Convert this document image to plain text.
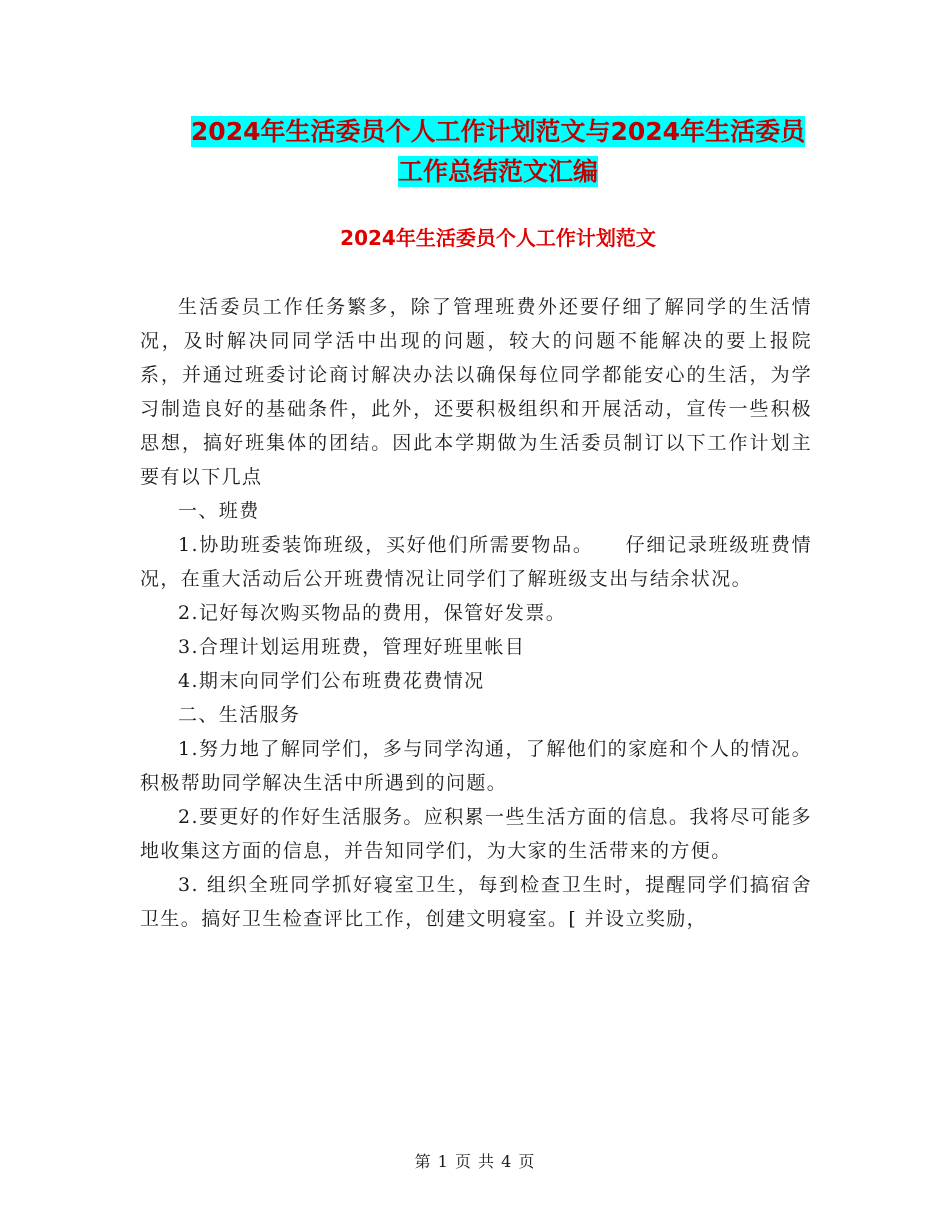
2024年生活委员个人工作计划范文与2024年生活委员
工作总结范文汇编
2024年生活委员个人工作计划范文

生活委员工作任务繁多，除了管理班费外还要仔细了解同学的生活情况，及时解决同同学活中出现的问题，较大的问题不能解决的要上报院系，并通过班委讨论商讨解决办法以确保每位同学都能安心的生活，为学习制造良好的基础条件，此外，还要积极组织和开展活动，宣传一些积极思想，搞好班集体的团结。因此本学期做为生活委员制订以下工作计划主要有以下几点

一、班费

1.协助班委装饰班级，买好他们所需要物品。　　仔细记录班级班费情况，在重大活动后公开班费情况让同学们了解班级支出与结余状况。

2.记好每次购买物品的费用，保管好发票。

3.合理计划运用班费，管理好班里帐目

4.期末向同学们公布班费花费情况

二、生活服务

1.努力地了解同学们，多与同学沟通，了解他们的家庭和个人的情况。积极帮助同学解决生活中所遇到的问题。

2.要更好的作好生活服务。应积累一些生活方面的信息。我将尽可能多地收集这方面的信息，并告知同学们，为大家的生活带来的方便。

3. 组织全班同学抓好寝室卫生，每到检查卫生时，提醒同学们搞宿舍卫生。搞好卫生检查评比工作，创建文明寝室。[ 并设立奖励，

第 1 页 共 4 页
